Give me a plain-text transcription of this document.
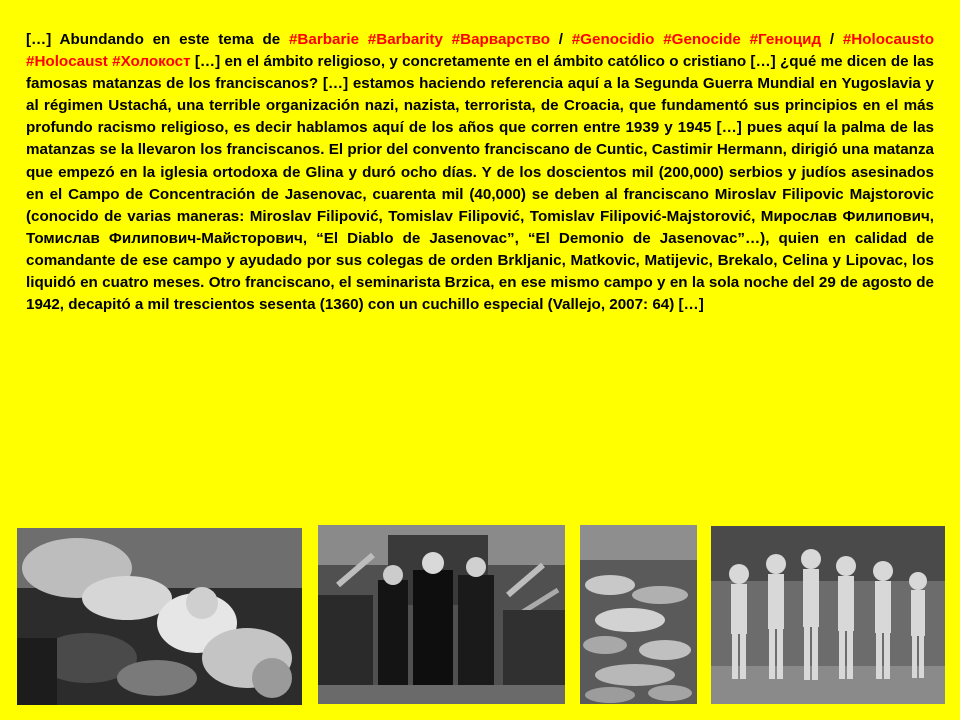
[…] Abundando en este tema de #Barbarie #Barbarity #Варварство / #Genocidio #Genocide #Геноцид / #Holocausto #Holocaust #Холокост […] en el ámbito religioso, y concretamente en el ámbito católico o cristiano […] ¿qué me dicen de las famosas matanzas de los franciscanos? […] estamos haciendo referencia aquí a la Segunda Guerra Mundial en Yugoslavia y al régimen Ustachá, una terrible organización nazi, nazista, terrorista, de Croacia, que fundamentó sus principios en el más profundo racismo religioso, es decir hablamos aquí de los años que corren entre 1939 y 1945 […] pues aquí la palma de las matanzas se la llevaron los franciscanos. El prior del convento franciscano de Cuntic, Castimir Hermann, dirigió una matanza que empezó en la iglesia ortodoxa de Glina y duró ocho días. Y de los doscientos mil (200,000) serbios y judíos asesinados en el Campo de Concentración de Jasenovac, cuarenta mil (40,000) se deben al franciscano Miroslav Filipovic Majstorovic (conocido de varias maneras: Miroslav Filipović, Tomislav Filipović, Tomislav Filipović-Majstorović, Мирослав Филипович, Томислав Филипович-Майсторович, “El Diablo de Jasenovac”, “El Demonio de Jasenovac”…), quien en calidad de comandante de ese campo y ayudado por sus colegas de orden Brkljanic, Matkovic, Matijevic, Brekalo, Celina y Lipovac, los liquidó en cuatro meses. Otro franciscano, el seminarista Brzica, en ese mismo campo y en la sola noche del 29 de agosto de 1942, decapitó a mil trescientos sesenta (1360) con un cuchillo especial (Vallejo, 2007: 64) […]
